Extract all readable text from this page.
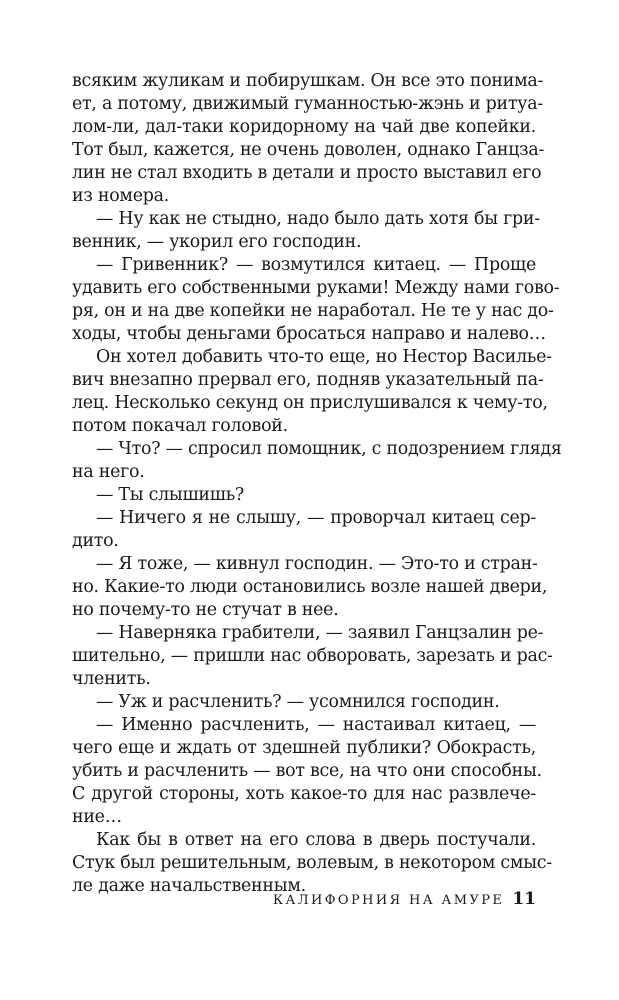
всяким жуликам и побирушкам. Он все это понима-
ет, а потому, движимый гуманностью-жэнь и ритуа-
лом-ли, дал-таки коридорному на чай две копейки.
Тот был, кажется, не очень доволен, однако Ганцза-
лин не стал входить в детали и просто выставил его
из номера.
— Ну как не стыдно, надо было дать хотя бы гри-
венник, — укорил его господин.
— Гривенник? — возмутился китаец. — Проще
удавить его собственными руками! Между нами гово-
ря, он и на две копейки не наработал. Не те у нас до-
ходы, чтобы деньгами бросаться направо и налево…
Он хотел добавить что-то еще, но Нестор Васильe-
вич внезапно прервал его, подняв указательный па-
лец. Несколько секунд он прислушивался к чему-то,
потом покачал головой.
— Что? — спросил помощник, с подозрением глядя
на него.
— Ты слышишь?
— Ничего я не слышу, — проворчал китаец сер-
дито.
— Я тоже, — кивнул господин. — Это-то и стран-
но. Какие-то люди остановились возле нашей двери,
но почему-то не стучат в нее.
— Наверняка грабители, — заявил Ганцзалин ре-
шительно, — пришли нас обворовать, зарезать и рас-
членить.
— Уж и расчленить? — усомнился господин.
— Именно расчленить, — настаивал китаец, —
чего еще и ждать от здешней публики? Обокрасть,
убить и расчленить — вот все, на что они способны.
С другой стороны, хоть какое-то для нас развлече-
ние…
Как бы в ответ на его слова в дверь постучали.
Стук был решительным, волевым, в некотором смыс-
ле даже начальственным.
КАЛИФОРНИЯ НА АМУРЕ 11
